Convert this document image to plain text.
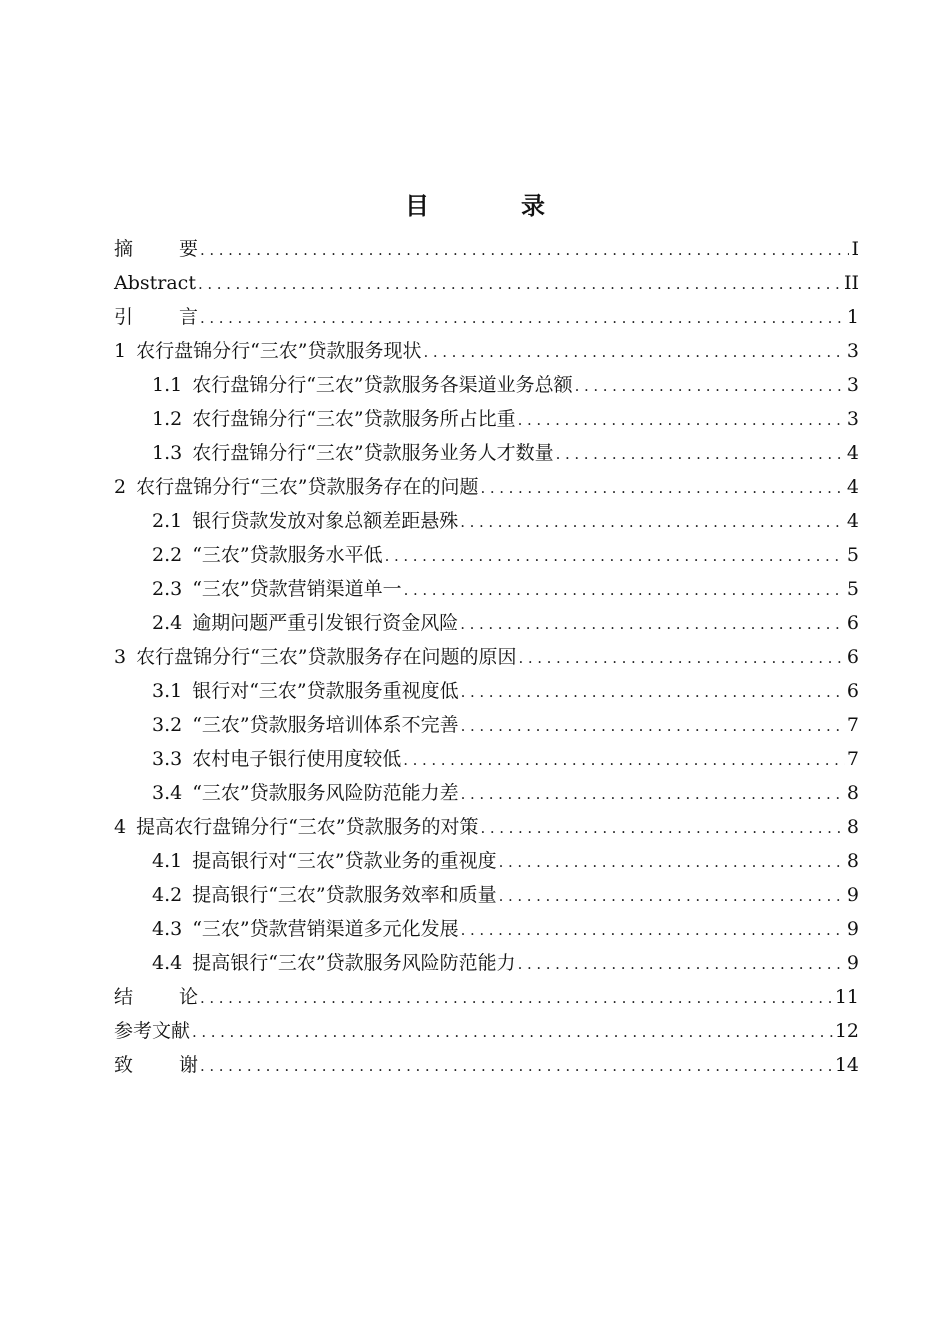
目　录
摘要 .....	I
Abstract .....	II
引言 .....	1
1 农行盘锦分行“三农”贷款服务现状 .....	3
1.1 农行盘锦分行“三农”贷款服务各渠道业务总额 .....	3
1.2 农行盘锦分行“三农”贷款服务所占比重 .....	3
1.3 农行盘锦分行“三农”贷款服务业务人才数量 .....	4
2 农行盘锦分行“三农”贷款服务存在的问题 .....	4
2.1 银行贷款发放对象总额差距悬殊 .....	4
2.2 “三农”贷款服务水平低 .....	5
2.3 “三农”贷款营销渠道单一 .....	5
2.4 逾期问题严重引发银行资金风险 .....	6
3 农行盘锦分行“三农”贷款服务存在问题的原因 .....	6
3.1 银行对“三农”贷款服务重视度低 .....	6
3.2 “三农”贷款服务培训体系不完善 .....	7
3.3 农村电子银行使用度较低 .....	7
3.4 “三农”贷款服务风险防范能力差 .....	8
4 提高农行盘锦分行“三农”贷款服务的对策 .....	8
4.1 提高银行对“三农”贷款业务的重视度 .....	8
4.2 提高银行“三农”贷款服务效率和质量 .....	9
4.3 “三农”贷款营销渠道多元化发展 .....	9
4.4 提高银行“三农”贷款服务风险防范能力 .....	9
结论 .....	11
参考文献 .....	12
致谢 .....	14
